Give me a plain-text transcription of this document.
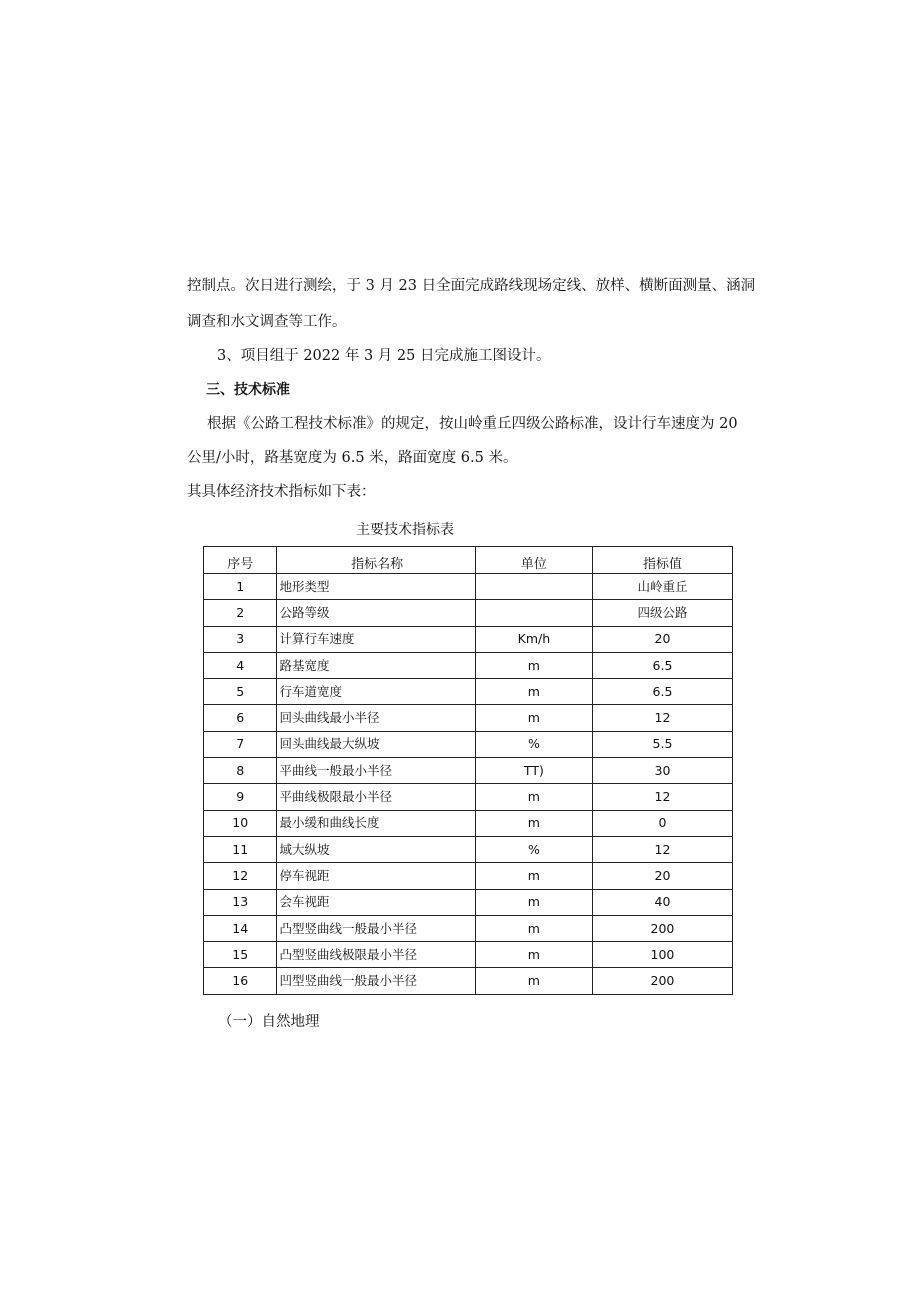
控制点。次日进行测绘，于 3 月 23 日全面完成路线现场定线、放样、横断面测量、涵洞
调查和水文调查等工作。
3、项目组于 2022 年 3 月 25 日完成施工图设计。
三、技术标准
根据《公路工程技术标准》的规定，按山岭重丘四级公路标准，设计行车速度为 20
公里/小时，路基宽度为 6.5 米，路面宽度 6.5 米。
其具体经济技术指标如下表：
主要技术指标表
序号	指标名称	单位	指标值
1	地形类型		山岭重丘
2	公路等级		四级公路
3	计算行车速度	Km/h	20
4	路基宽度	m	6.5
5	行车道宽度	m	6.5
6	回头曲线最小半径	m	12
7	回头曲线最大纵坡	%	5.5
8	平曲线一般最小半径	TT)	30
9	平曲线极限最小半径	m	12
10	最小缓和曲线长度	m	0
11	域大纵坡	%	12
12	停车视距	m	20
13	会车视距	m	40
14	凸型竖曲线一般最小半径	m	200
15	凸型竖曲线极限最小半径	m	100
16	凹型竖曲线一般最小半径	m	200
（一）自然地理
